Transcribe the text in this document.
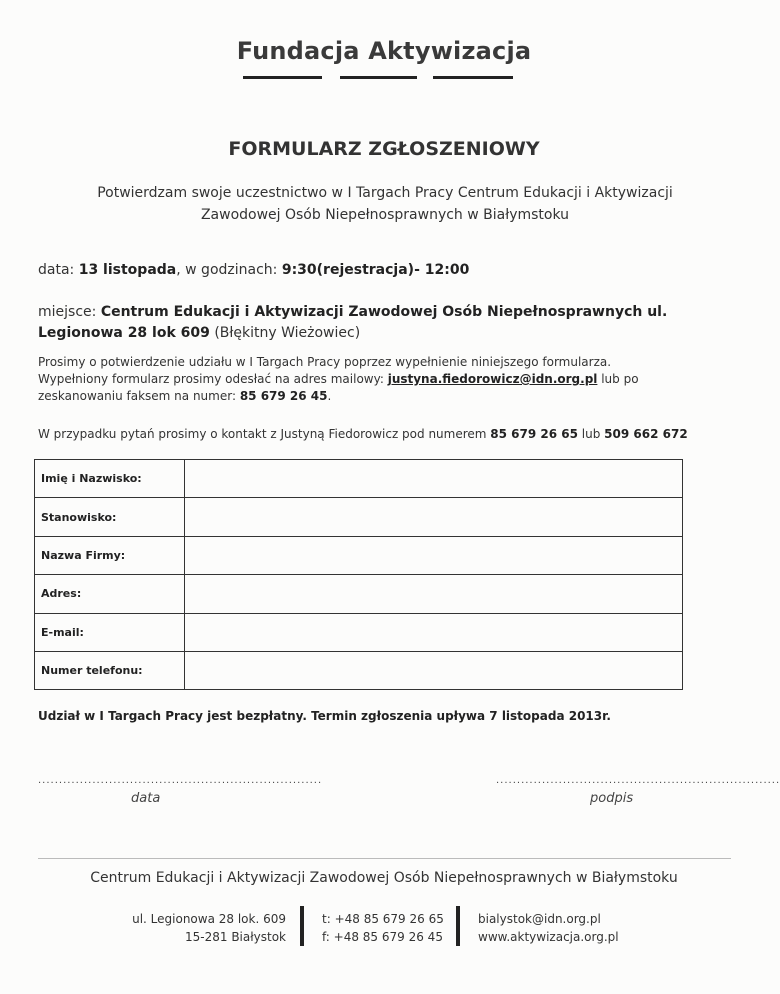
Fundacja Aktywizacja
FORMULARZ ZGŁOSZENIOWY
Potwierdzam swoje uczestnictwo w I Targach Pracy Centrum Edukacji i Aktywizacji
Zawodowej Osób Niepełnosprawnych w Białymstoku
data: 13 listopada, w godzinach: 9:30(rejestracja)- 12:00
miejsce: Centrum Edukacji i Aktywizacji Zawodowej Osób Niepełnosprawnych ul. Legionowa 28 lok 609 (Błękitny Wieżowiec)
Prosimy o potwierdzenie udziału w I Targach Pracy poprzez wypełnienie niniejszego formularza.
Wypełniony formularz prosimy odesłać na adres mailowy: justyna.fiedorowicz@idn.org.pl lub po
zeskanowaniu faksem na numer: 85 679 26 45.
W przypadku pytań prosimy o kontakt z Justyną Fiedorowicz pod numerem 85 679 26 65 lub 509 662 672
Imię i Nazwisko:
Stanowisko:
Nazwa Firmy:
Adres:
E-mail:
Numer telefonu:
Udział w I Targach Pracy jest bezpłatny. Termin zgłoszenia upływa 7 listopada 2013r.
....................................................................	....................................................................
data	podpis
Centrum Edukacji i Aktywizacji Zawodowej Osób Niepełnosprawnych w Białymstoku
ul. Legionowa 28 lok. 609
15-281 Białystok
t: +48 85 679 26 65
f: +48 85 679 26 45
bialystok@idn.org.pl
www.aktywizacja.org.pl
